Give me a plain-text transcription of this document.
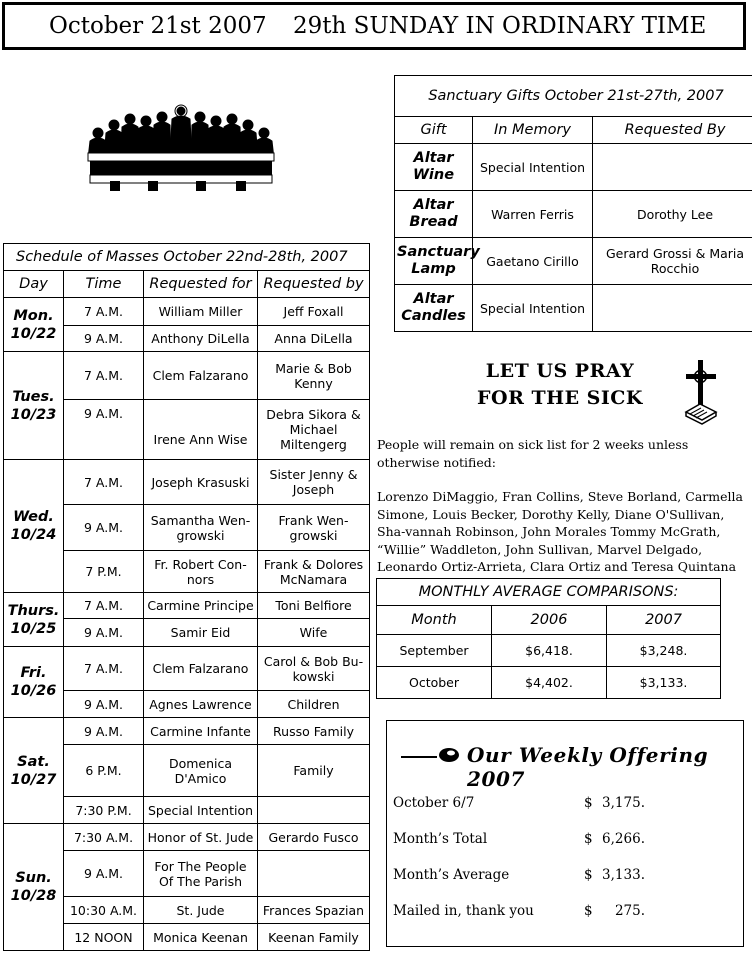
October 21st 2007 29th SUNDAY IN ORDINARY TIME
Sanctuary Gifts October 21st-27th, 2007		
Gift	In Memory	Requested By
Altar Wine	Special Intention	
Altar Bread	Warren Ferris	Dorothy Lee
Sanctuary Lamp	Gaetano Cirillo	Gerard Grossi & Maria Rocchio
Altar Candles	Special Intention	
Schedule of Masses October 22nd-28th, 2007			
Day	Time	Requested for	Requested by
Mon. 10/22	7 A.M.	William Miller	Jeff Foxall
	9 A.M.	Anthony DiLella	Anna DiLella
Tues. 10/23	7 A.M.	Clem Falzarano	Marie & Bob Kenny
	9 A.M.	Irene Ann Wise	Debra Sikora & Michael Miltengerg
Wed. 10/24	7 A.M.	Joseph Krasuski	Sister Jenny & Joseph
	9 A.M.	Samantha Wen-growski	Frank Wen-growski
	7 P.M.	Fr. Robert Con-nors	Frank & Dolores McNamara
Thurs. 10/25	7 A.M.	Carmine Principe	Toni Belfiore
	9 A.M.	Samir Eid	Wife
Fri. 10/26	7 A.M.	Clem Falzarano	Carol & Bob Bu-kowski
	9 A.M.	Agnes Lawrence	Children
Sat. 10/27	9 A.M.	Carmine Infante	Russo Family
	6 P.M.	Domenica D'Amico	Family
	7:30 P.M.	Special Intention	
Sun. 10/28	7:30 A.M.	Honor of St. Jude	Gerardo Fusco
	9 A.M.	For The People Of The Parish	
	10:30 A.M.	St. Jude	Frances Spazian
	12 NOON	Monica Keenan	Keenan Family
LET US PRAY
FOR THE SICK
People will remain on sick list for 2 weeks unless otherwise notified:
Lorenzo DiMaggio, Fran Collins, Steve Borland, Carmella Simone, Louis Becker, Dorothy Kelly, Diane O'Sullivan, Sha-vannah Robinson, John Morales Tommy McGrath, “Willie” Waddleton, John Sullivan, Marvel Delgado, Leonardo Ortiz-Arrieta, Clara Ortiz and Teresa Quintana
MONTHLY AVERAGE COMPARISONS:		
Month	2006	2007
September	$6,418.	$3,248.
October	$4,402.	$3,133.
Our Weekly Offering 2007
October 6/7	$ 3,175.
Month’s Total	$ 6,266.
Month’s Average	$ 3,133.
Mailed in, thank you	$	275.
